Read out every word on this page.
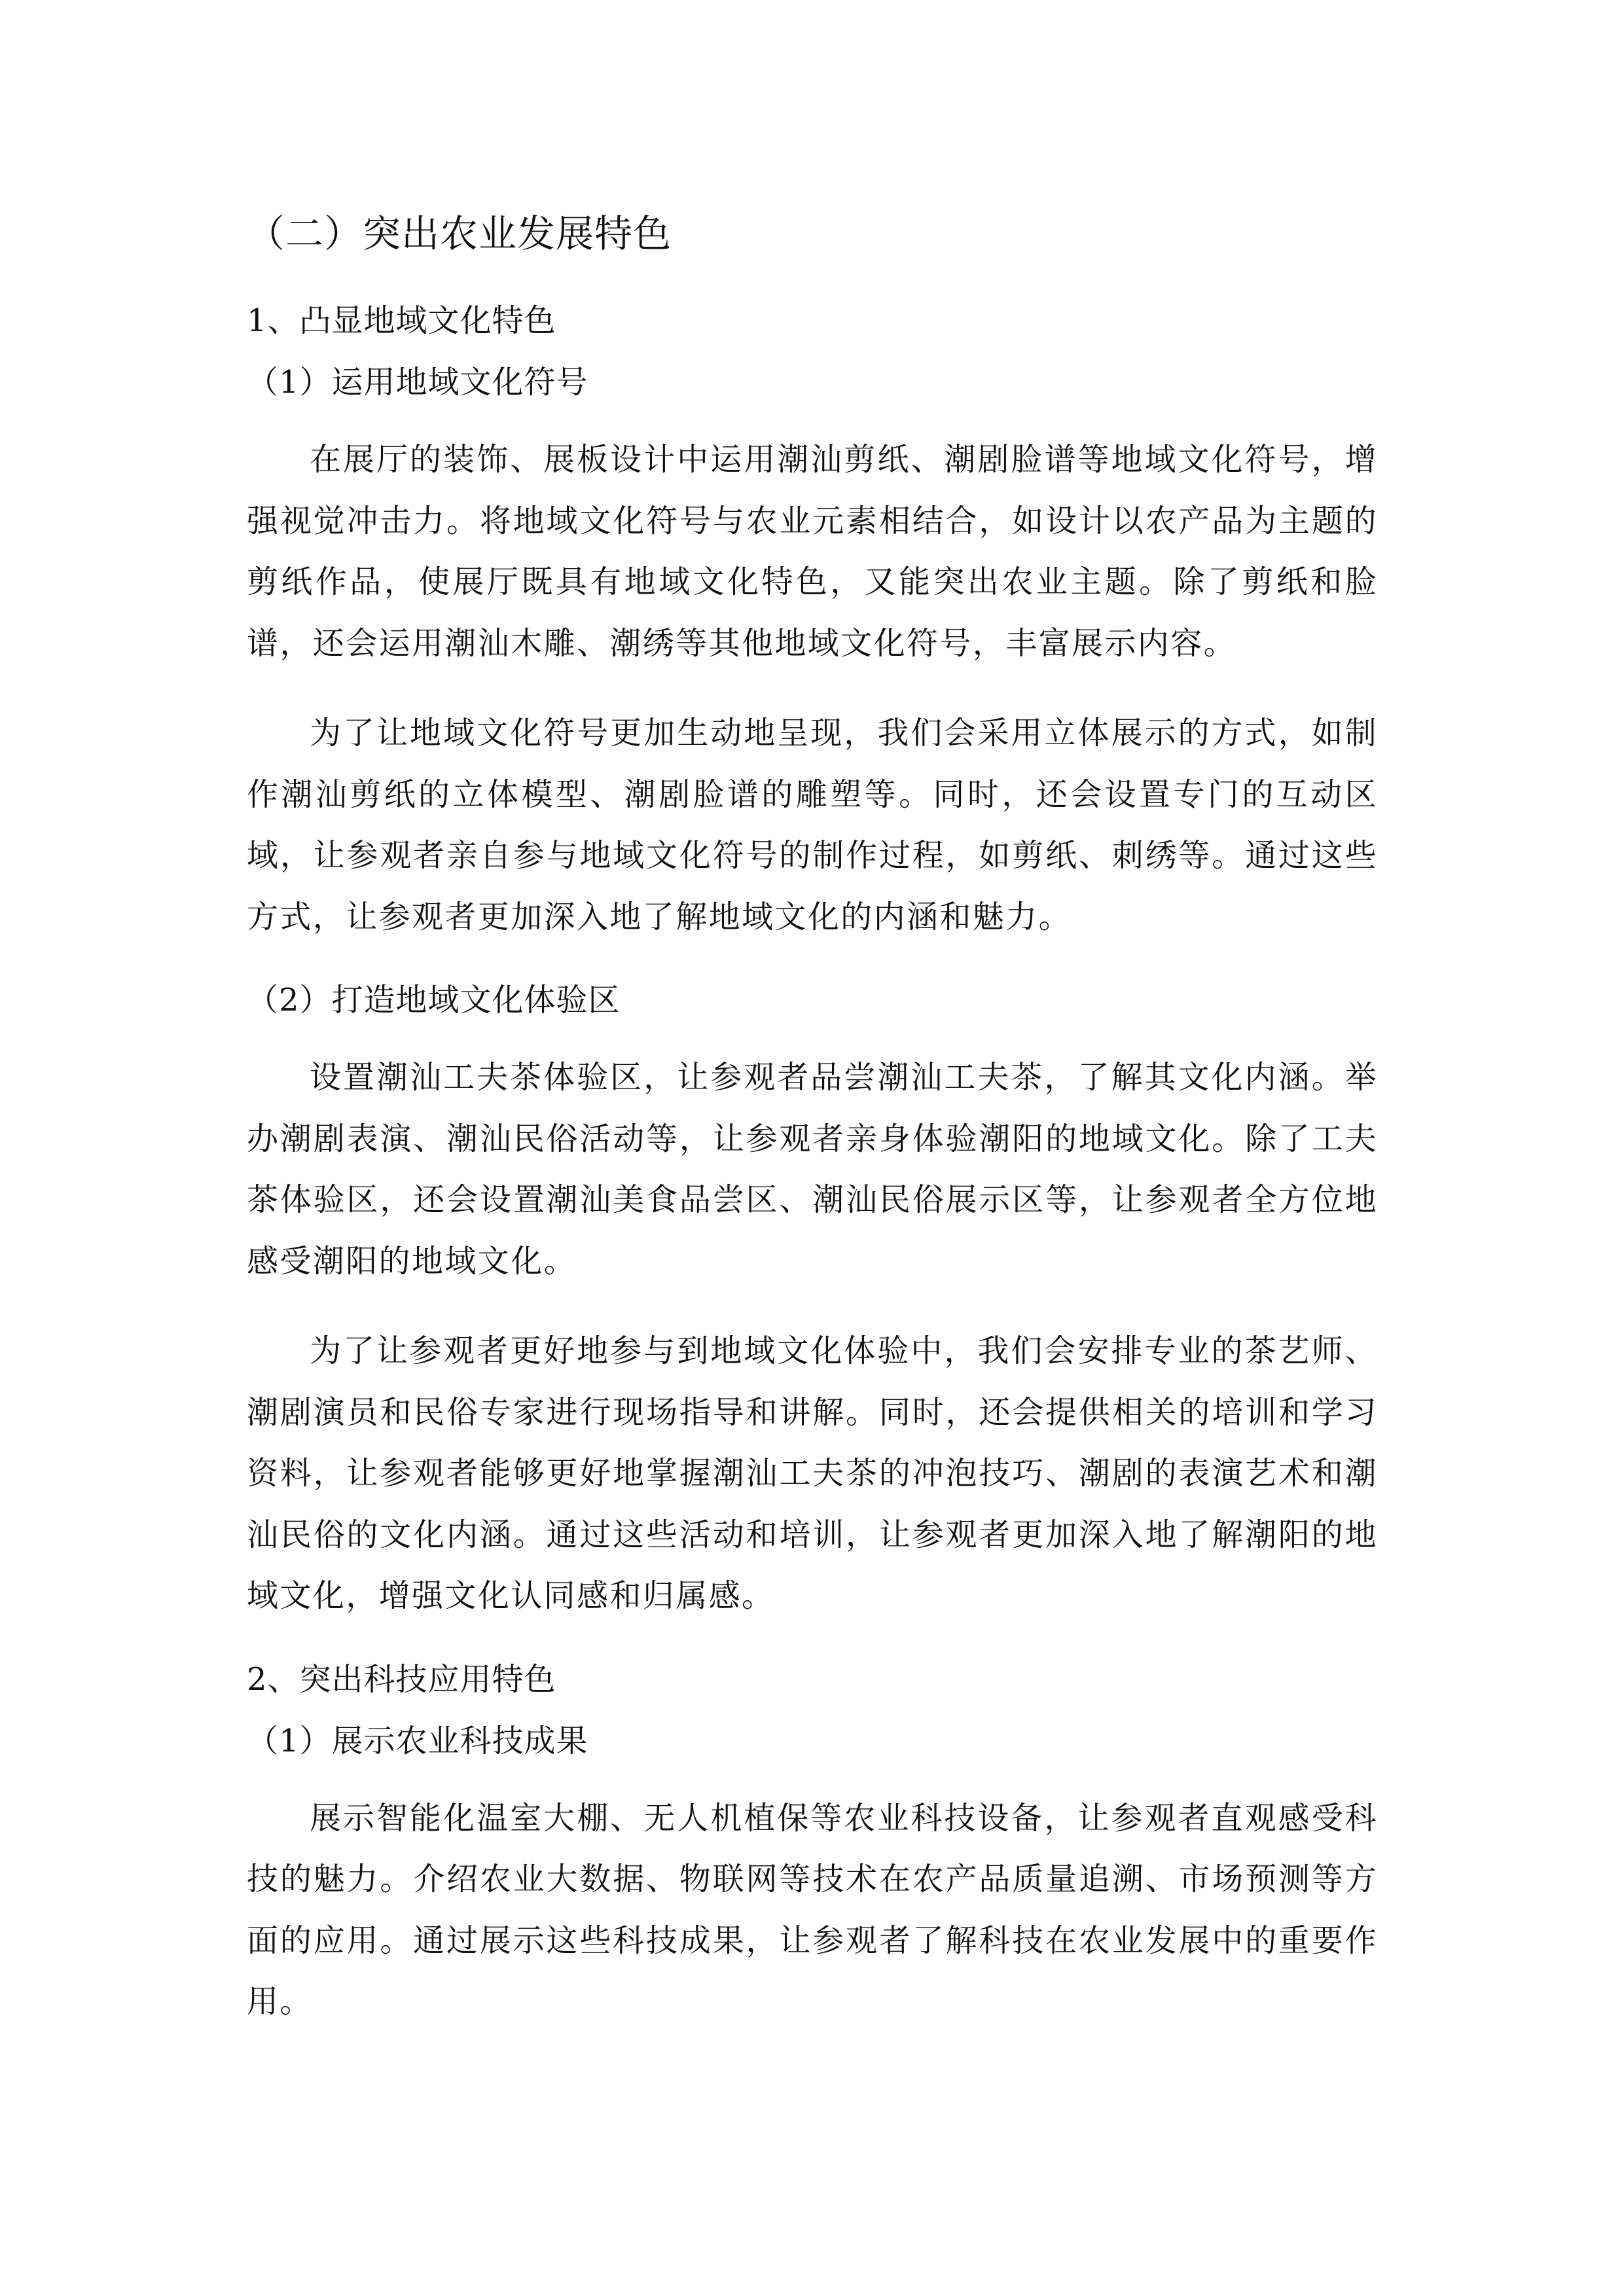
（二）突出农业发展特色
1、凸显地域文化特色
（1）运用地域文化符号

在展厅的装饰、展板设计中运用潮汕剪纸、潮剧脸谱等地域文化符号，增强视觉冲击力。将地域文化符号与农业元素相结合，如设计以农产品为主题的剪纸作品，使展厅既具有地域文化特色，又能突出农业主题。除了剪纸和脸谱，还会运用潮汕木雕、潮绣等其他地域文化符号，丰富展示内容。

为了让地域文化符号更加生动地呈现，我们会采用立体展示的方式，如制作潮汕剪纸的立体模型、潮剧脸谱的雕塑等。同时，还会设置专门的互动区域，让参观者亲自参与地域文化符号的制作过程，如剪纸、刺绣等。通过这些方式，让参观者更加深入地了解地域文化的内涵和魅力。

（2）打造地域文化体验区

设置潮汕工夫茶体验区，让参观者品尝潮汕工夫茶，了解其文化内涵。举办潮剧表演、潮汕民俗活动等，让参观者亲身体验潮阳的地域文化。除了工夫茶体验区，还会设置潮汕美食品尝区、潮汕民俗展示区等，让参观者全方位地感受潮阳的地域文化。

为了让参观者更好地参与到地域文化体验中，我们会安排专业的茶艺师、潮剧演员和民俗专家进行现场指导和讲解。同时，还会提供相关的培训和学习资料，让参观者能够更好地掌握潮汕工夫茶的冲泡技巧、潮剧的表演艺术和潮汕民俗的文化内涵。通过这些活动和培训，让参观者更加深入地了解潮阳的地域文化，增强文化认同感和归属感。

2、突出科技应用特色
（1）展示农业科技成果

展示智能化温室大棚、无人机植保等农业科技设备，让参观者直观感受科技的魅力。介绍农业大数据、物联网等技术在农产品质量追溯、市场预测等方面的应用。通过展示这些科技成果，让参观者了解科技在农业发展中的重要作用。
